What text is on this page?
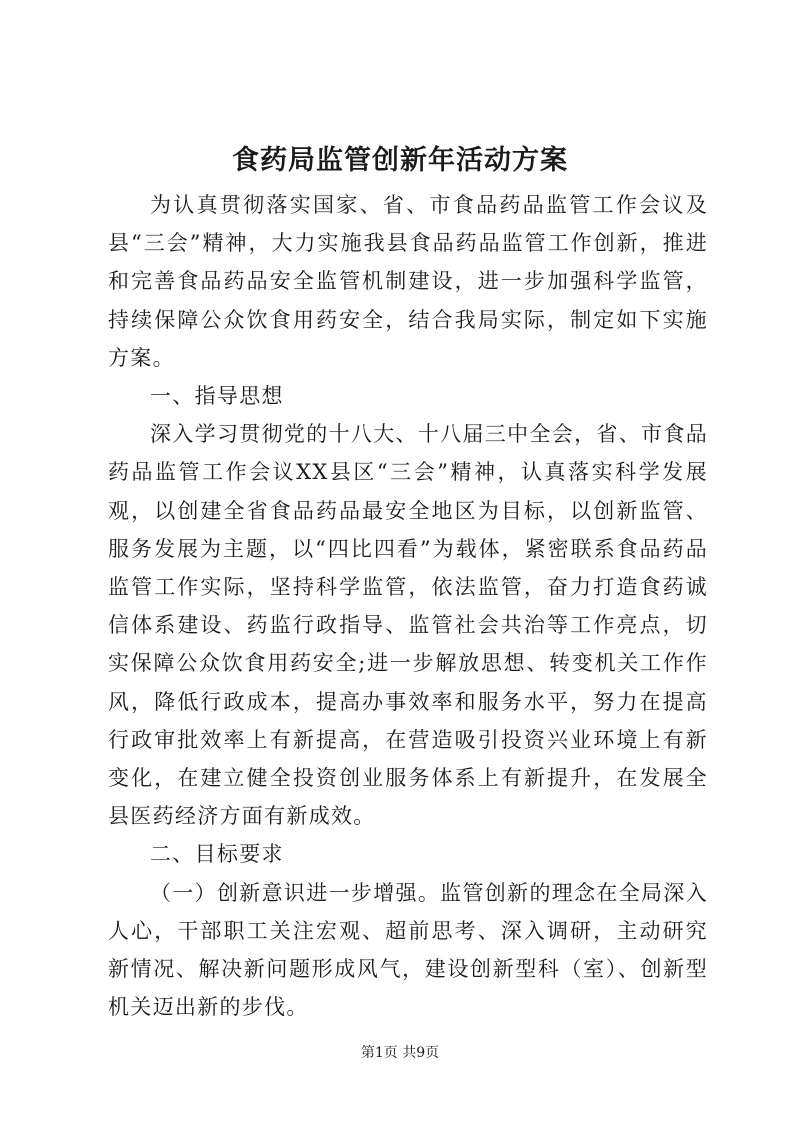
食药局监管创新年活动方案

为认真贯彻落实国家、省、市食品药品监管工作会议及县“三会”精神，大力实施我县食品药品监管工作创新，推进和完善食品药品安全监管机制建设，进一步加强科学监管，持续保障公众饮食用药安全，结合我局实际，制定如下实施方案。

一、指导思想

深入学习贯彻党的十八大、十八届三中全会，省、市食品药品监管工作会议XX县区“三会”精神，认真落实科学发展观，以创建全省食品药品最安全地区为目标，以创新监管、服务发展为主题，以“四比四看”为载体，紧密联系食品药品监管工作实际，坚持科学监管，依法监管，奋力打造食药诚信体系建设、药监行政指导、监管社会共治等工作亮点，切实保障公众饮食用药安全;进一步解放思想、转变机关工作作风，降低行政成本，提高办事效率和服务水平，努力在提高行政审批效率上有新提高，在营造吸引投资兴业环境上有新变化，在建立健全投资创业服务体系上有新提升，在发展全县医药经济方面有新成效。

二、目标要求

（一）创新意识进一步增强。监管创新的理念在全局深入人心，干部职工关注宏观、超前思考、深入调研，主动研究新情况、解决新问题形成风气，建设创新型科（室）、创新型机关迈出新的步伐。

第1页 共9页
